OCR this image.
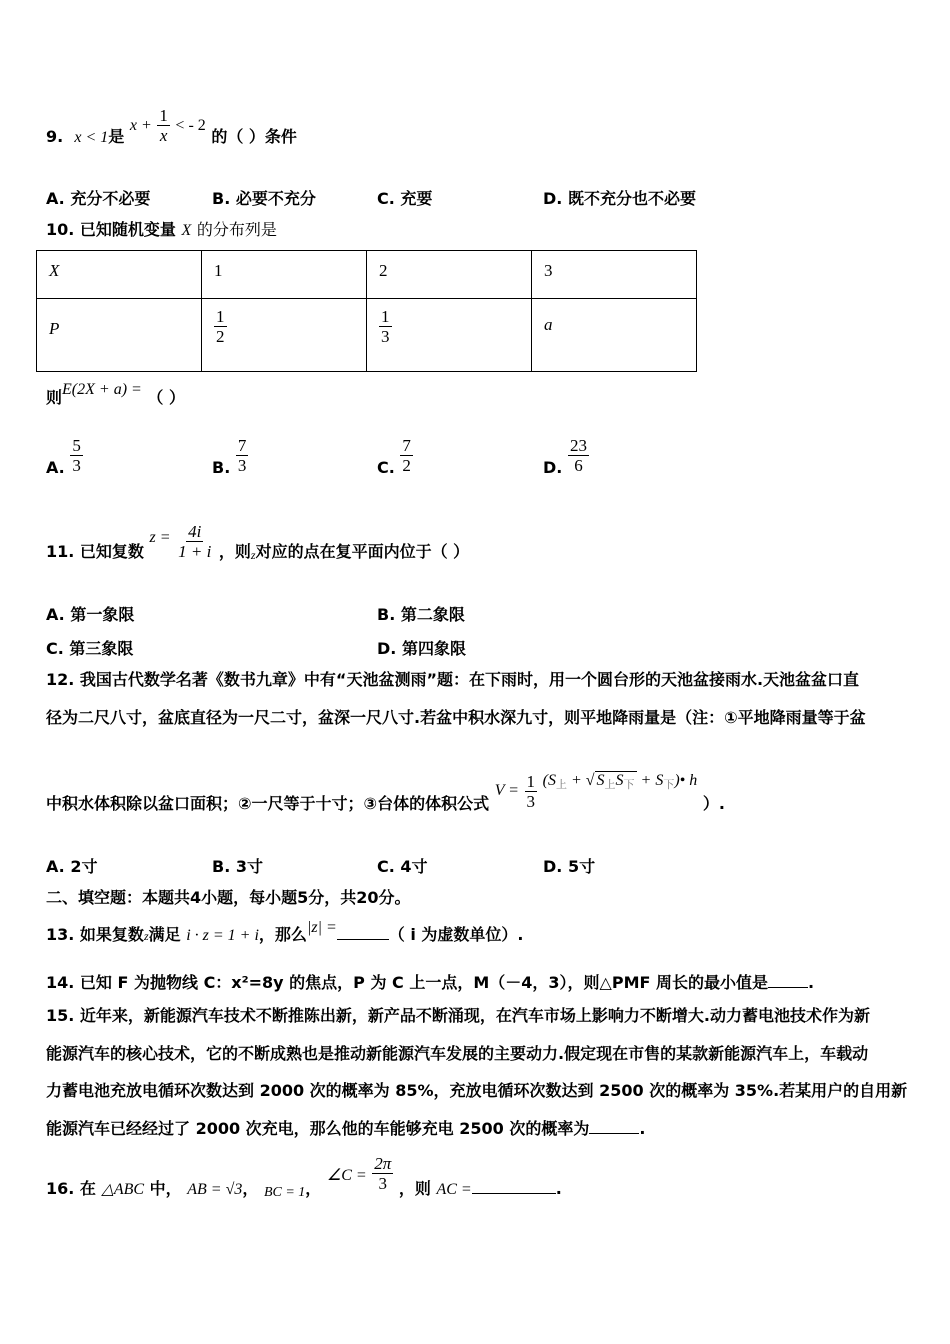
9. x < 1是 $x + \frac{1}{x}$ < - 2 的（ ）条件
A. 充分不必要	B. 必要不充分	C. 充要	D. 既不充分也不必要
10. 已知随机变量 X 的分布列是
X	1	2	3
P	$\frac{1}{2}$	$\frac{1}{3}$	a
则E(2X + a) = （ ）
A. $\frac{5}{3}$	B. $\frac{7}{3}$	C. $\frac{7}{2}$	D. $\frac{23}{6}$
11. 已知复数 $z = \frac{4i}{1 + i}$ ，则$_z$对应的点在复平面内位于（ ）
A. 第一象限	B. 第二象限
C. 第三象限	D. 第四象限
12. 我国古代数学名著《数书九章》中有“天池盆测雨”题：在下雨时，用一个圆台形的天池盆接雨水.天池盆盆口直
径为二尺八寸，盆底直径为一尺二寸，盆深一尺八寸.若盆中积水深九寸，则平地降雨量是（注：①平地降雨量等于盆
中积水体积除以盆口面积；②一尺等于十寸；③台体的体积公式 $V = \frac{1}{3} (S_上$ + √ $S_上S_下$ + $S_下)•$ h ）.
A. 2寸	B. 3寸	C. 4寸	D. 5寸
二、填空题：本题共4小题，每小题5分，共20分。
13. 如果复数z满足 i · z = 1 + i，那么|z| =	（ i 为虚数单位）.
14. 已知 F 为抛物线 C：x²=8y 的焦点，P 为 C 上一点，M（－4，3），则△PMF 周长的最小值是	.
15. 近年来，新能源汽车技术不断推陈出新，新产品不断涌现，在汽车市场上影响力不断增大.动力蓄电池技术作为新
能源汽车的核心技术，它的不断成熟也是推动新能源汽车发展的主要动力.假定现在市售的某款新能源汽车上，车载动
力蓄电池充放电循环次数达到 2000 次的概率为 85%，充放电循环次数达到 2500 次的概率为 35%.若某用户的自用新
能源汽车已经经过了 2000 次充电，那么他的车能够充电 2500 次的概率为	.
16. 在 △ABC 中， AB = √3， BC = 1， ∠C = $\frac{2\pi}{3}$ ，则 AC =	.
